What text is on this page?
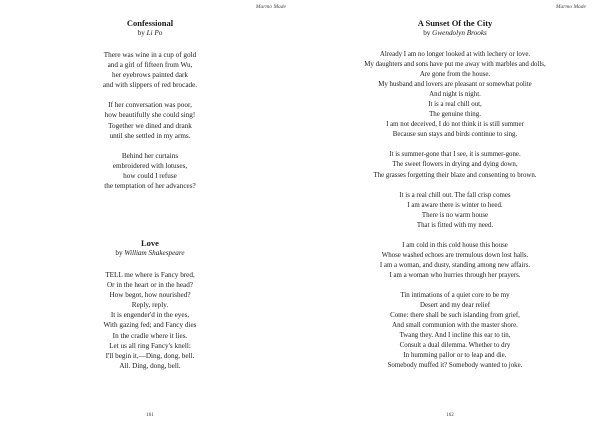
Marmo Made

Confessional

by Li Po

There was wine in a cup of gold
and a girl of fifteen from Wu,
her eyebrows painted dark
and with slippers of red brocade.
If her conversation was poor,
how beautifully she could sing!
Together we dined and drank
until she settled in my arms.
Behind her curtains
embroidered with lotuses,
how could I refuse
the temptation of her advances?

Love

by William Shakespeare

TELL me where is Fancy bred,
Or in the heart or in the head?
How begot, how nourished?
Reply, reply.
It is engender'd in the eyes,
With gazing fed; and Fancy dies
In the cradle where it lies.
Let us all ring Fancy's knell:
I'll begin it,—Ding, dong, bell.
All. Ding, dong, bell.
161
Marmo Made

A Sunset Of the City

by Gwendolyn Brooks

Already I am no longer looked at with lechery or love.
My daughters and sons have put me away with marbles and dolls,
Are gone from the house.
My husband and lovers are pleasant or somewhat polite
And night is night.
It is a real chill out,
The genuine thing.
I am not deceived, I do not think it is still summer
Because sun stays and birds continue to sing.
It is summer-gone that I see, it is summer-gone.
The sweet flowers in drying and dying down,
The grasses forgetting their blaze and consenting to brown.
It is a real chill out. The fall crisp comes
I am aware there is winter to heed.
There is no warm house
That is fitted with my need.
I am cold in this cold house this house
Whose washed echoes are tremulous down lost halls.
I am a woman, and dusty, standing among new affairs.
I am a woman who hurries through her prayers.
Tin intimations of a quiet core to be my
Desert and my dear relief
Come: there shall be such islanding from grief,
And small communion with the master shore.
Twang they. And I incline this ear to tin,
Consult a dual dilemma. Whether to dry
In humming pallor or to leap and die.
Somebody muffed it? Somebody wanted to joke.
162
